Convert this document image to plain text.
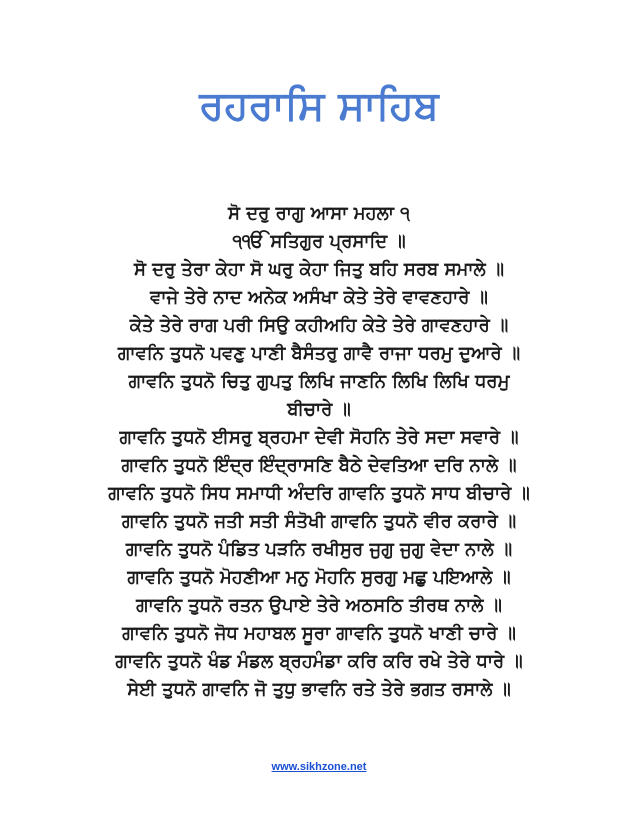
ਰਹਰਾਸਿ ਸਾਹਿਬ
ਸੋ ਦਰੁ ਰਾਗੁ ਆਸਾ ਮਹਲਾ ੧
੧ੴ ਸਤਿਗੁਰ ਪ੍ਰਸਾਦਿ ॥
ਸੋ ਦਰੁ ਤੇਰਾ ਕੇਹਾ ਸੋ ਘਰੁ ਕੇਹਾ ਜਿਤੁ ਬਹਿ ਸਰਬ ਸਮਾਲੇ ॥
ਵਾਜੇ ਤੇਰੇ ਨਾਦ ਅਨੇਕ ਅਸੰਖਾ ਕੇਤੇ ਤੇਰੇ ਵਾਵਣਹਾਰੇ ॥
ਕੇਤੇ ਤੇਰੇ ਰਾਗ ਪਰੀ ਸਿਉ ਕਹੀਅਹਿ ਕੇਤੇ ਤੇਰੇ ਗਾਵਣਹਾਰੇ ॥
ਗਾਵਨਿ ਤੁਧਨੋ ਪਵਣੁ ਪਾਣੀ ਬੈਸੰਤਰੁ ਗਾਵੈ ਰਾਜਾ ਧਰਮੁ ਦੁਆਰੇ ॥
ਗਾਵਨਿ ਤੁਧਨੋ ਚਿਤੁ ਗੁਪਤੁ ਲਿਖਿ ਜਾਣਨਿ ਲਿਖਿ ਲਿਖਿ ਧਰਮੁ
ਬੀਚਾਰੇ ॥
ਗਾਵਨਿ ਤੁਧਨੋ ਈਸਰੁ ਬ੍ਰਹਮਾ ਦੇਵੀ ਸੋਹਨਿ ਤੇਰੇ ਸਦਾ ਸਵਾਰੇ ॥
ਗਾਵਨਿ ਤੁਧਨੋ ਇੰਦ੍ਰ ਇੰਦ੍ਰਾਸਣਿ ਬੈਠੇ ਦੇਵਤਿਆ ਦਰਿ ਨਾਲੇ ॥
ਗਾਵਨਿ ਤੁਧਨੋ ਸਿਧ ਸਮਾਧੀ ਅੰਦਰਿ ਗਾਵਨਿ ਤੁਧਨੋ ਸਾਧ ਬੀਚਾਰੇ ॥
ਗਾਵਨਿ ਤੁਧਨੋ ਜਤੀ ਸਤੀ ਸੰਤੋਖੀ ਗਾਵਨਿ ਤੁਧਨੋ ਵੀਰ ਕਰਾਰੇ ॥
ਗਾਵਨਿ ਤੁਧਨੋ ਪੰਡਿਤ ਪੜਨਿ ਰਖੀਸੁਰ ਜੁਗੁ ਜੁਗੁ ਵੇਦਾ ਨਾਲੇ ॥
ਗਾਵਨਿ ਤੁਧਨੋ ਮੋਹਣੀਆ ਮਨੁ ਮੋਹਨਿ ਸੁਰਗੁ ਮਛੁ ਪਇਆਲੇ ॥
ਗਾਵਨਿ ਤੁਧਨੋ ਰਤਨ ਉਪਾਏ ਤੇਰੇ ਅਠਸਠਿ ਤੀਰਥ ਨਾਲੇ ॥
ਗਾਵਨਿ ਤੁਧਨੋ ਜੋਧ ਮਹਾਬਲ ਸੂਰਾ ਗਾਵਨਿ ਤੁਧਨੋ ਖਾਣੀ ਚਾਰੇ ॥
ਗਾਵਨਿ ਤੁਧਨੋ ਖੰਡ ਮੰਡਲ ਬ੍ਰਹਮੰਡਾ ਕਰਿ ਕਰਿ ਰਖੇ ਤੇਰੇ ਧਾਰੇ ॥
ਸੇਈ ਤੁਧਨੋ ਗਾਵਨਿ ਜੋ ਤੁਧੁ ਭਾਵਨਿ ਰਤੇ ਤੇਰੇ ਭਗਤ ਰਸਾਲੇ ॥
www.sikhzone.net
